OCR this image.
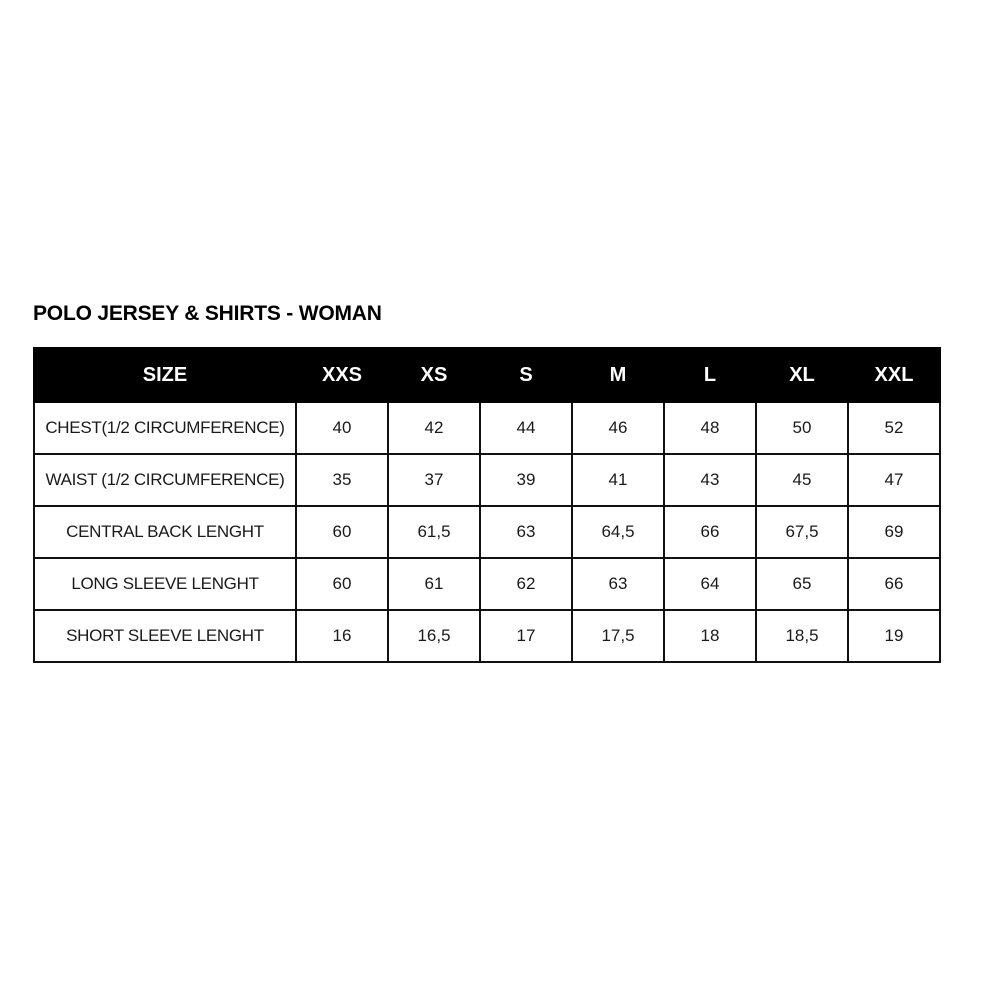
POLO JERSEY & SHIRTS - WOMAN
SIZE	XXS	XS	S	M	L	XL	XXL
CHEST(1/2 CIRCUMFERENCE)	40	42	44	46	48	50	52
WAIST (1/2 CIRCUMFERENCE)	35	37	39	41	43	45	47
CENTRAL BACK LENGHT	60	61,5	63	64,5	66	67,5	69
LONG SLEEVE LENGHT	60	61	62	63	64	65	66
SHORT SLEEVE LENGHT	16	16,5	17	17,5	18	18,5	19
